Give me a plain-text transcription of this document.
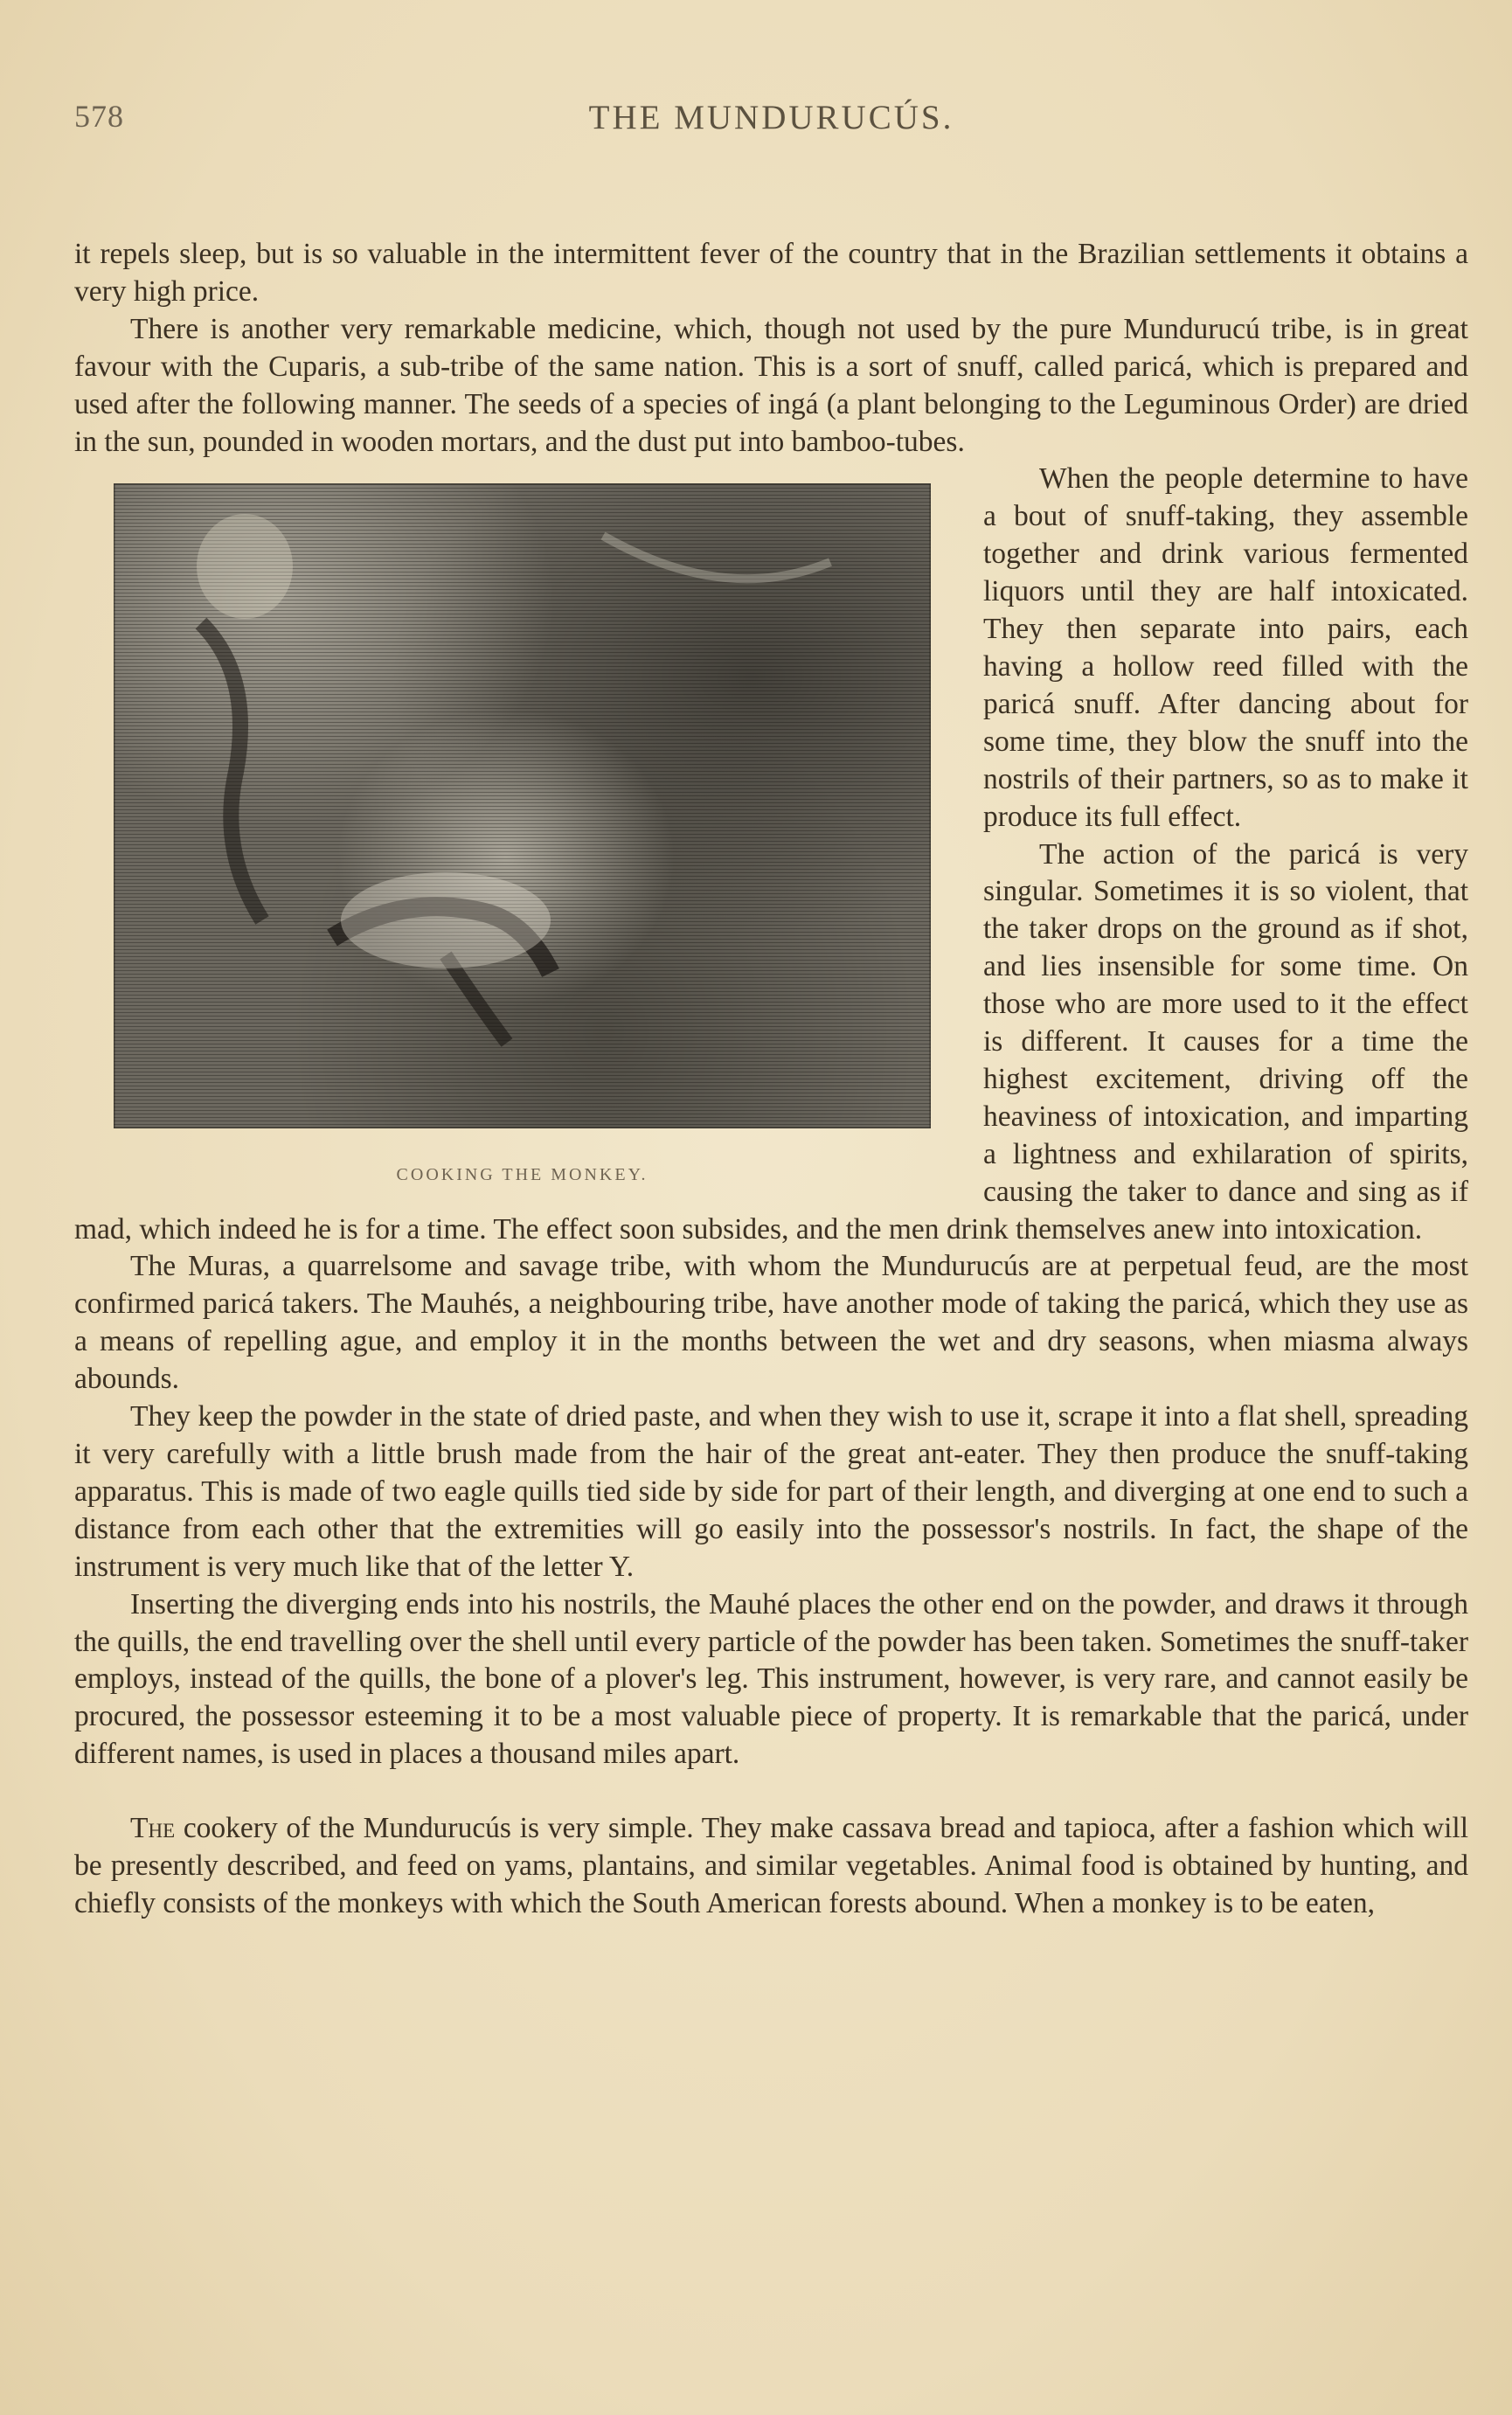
578	THE MUNDURUCÚS.

it repels sleep, but is so valuable in the intermittent fever of the country that in the Brazilian settlements it obtains a very high price.

There is another very remarkable medicine, which, though not used by the pure Mundurucú tribe, is in great favour with the Cuparis, a sub-tribe of the same nation. This is a sort of snuff, called paricá, which is prepared and used after the following manner. The seeds of a species of ingá (a plant belonging to the Leguminous Order) are dried in the sun, pounded in wooden mortars, and the dust put into bamboo-tubes.

COOKING THE MONKEY.

When the people determine to have a bout of snuff-taking, they assemble together and drink various fermented liquors until they are half intoxicated. They then separate into pairs, each having a hollow reed filled with the paricá snuff. After dancing about for some time, they blow the snuff into the nostrils of their partners, so as to make it produce its full effect.

The action of the paricá is very singular. Sometimes it is so violent, that the taker drops on the ground as if shot, and lies insensible for some time. On those who are more used to it the effect is different. It causes for a time the highest excitement, driving off the heaviness of intoxication, and imparting a lightness and exhilaration of spirits, causing the taker to dance and sing as if mad, which indeed he is for a time. The effect soon subsides, and the men drink themselves anew into intoxication.

The Muras, a quarrelsome and savage tribe, with whom the Mundurucús are at perpetual feud, are the most confirmed paricá takers. The Mauhés, a neighbouring tribe, have another mode of taking the paricá, which they use as a means of repelling ague, and employ it in the months between the wet and dry seasons, when miasma always abounds.

They keep the powder in the state of dried paste, and when they wish to use it, scrape it into a flat shell, spreading it very carefully with a little brush made from the hair of the great ant-eater. They then produce the snuff-taking apparatus. This is made of two eagle quills tied side by side for part of their length, and diverging at one end to such a distance from each other that the extremities will go easily into the possessor's nostrils. In fact, the shape of the instrument is very much like that of the letter Y.

Inserting the diverging ends into his nostrils, the Mauhé places the other end on the powder, and draws it through the quills, the end travelling over the shell until every particle of the powder has been taken. Sometimes the snuff-taker employs, instead of the quills, the bone of a plover's leg. This instrument, however, is very rare, and cannot easily be procured, the possessor esteeming it to be a most valuable piece of property. It is remarkable that the paricá, under different names, is used in places a thousand miles apart.

The cookery of the Mundurucús is very simple. They make cassava bread and tapioca, after a fashion which will be presently described, and feed on yams, plantains, and similar vegetables. Animal food is obtained by hunting, and chiefly consists of the monkeys with which the South American forests abound. When a monkey is to be eaten,
